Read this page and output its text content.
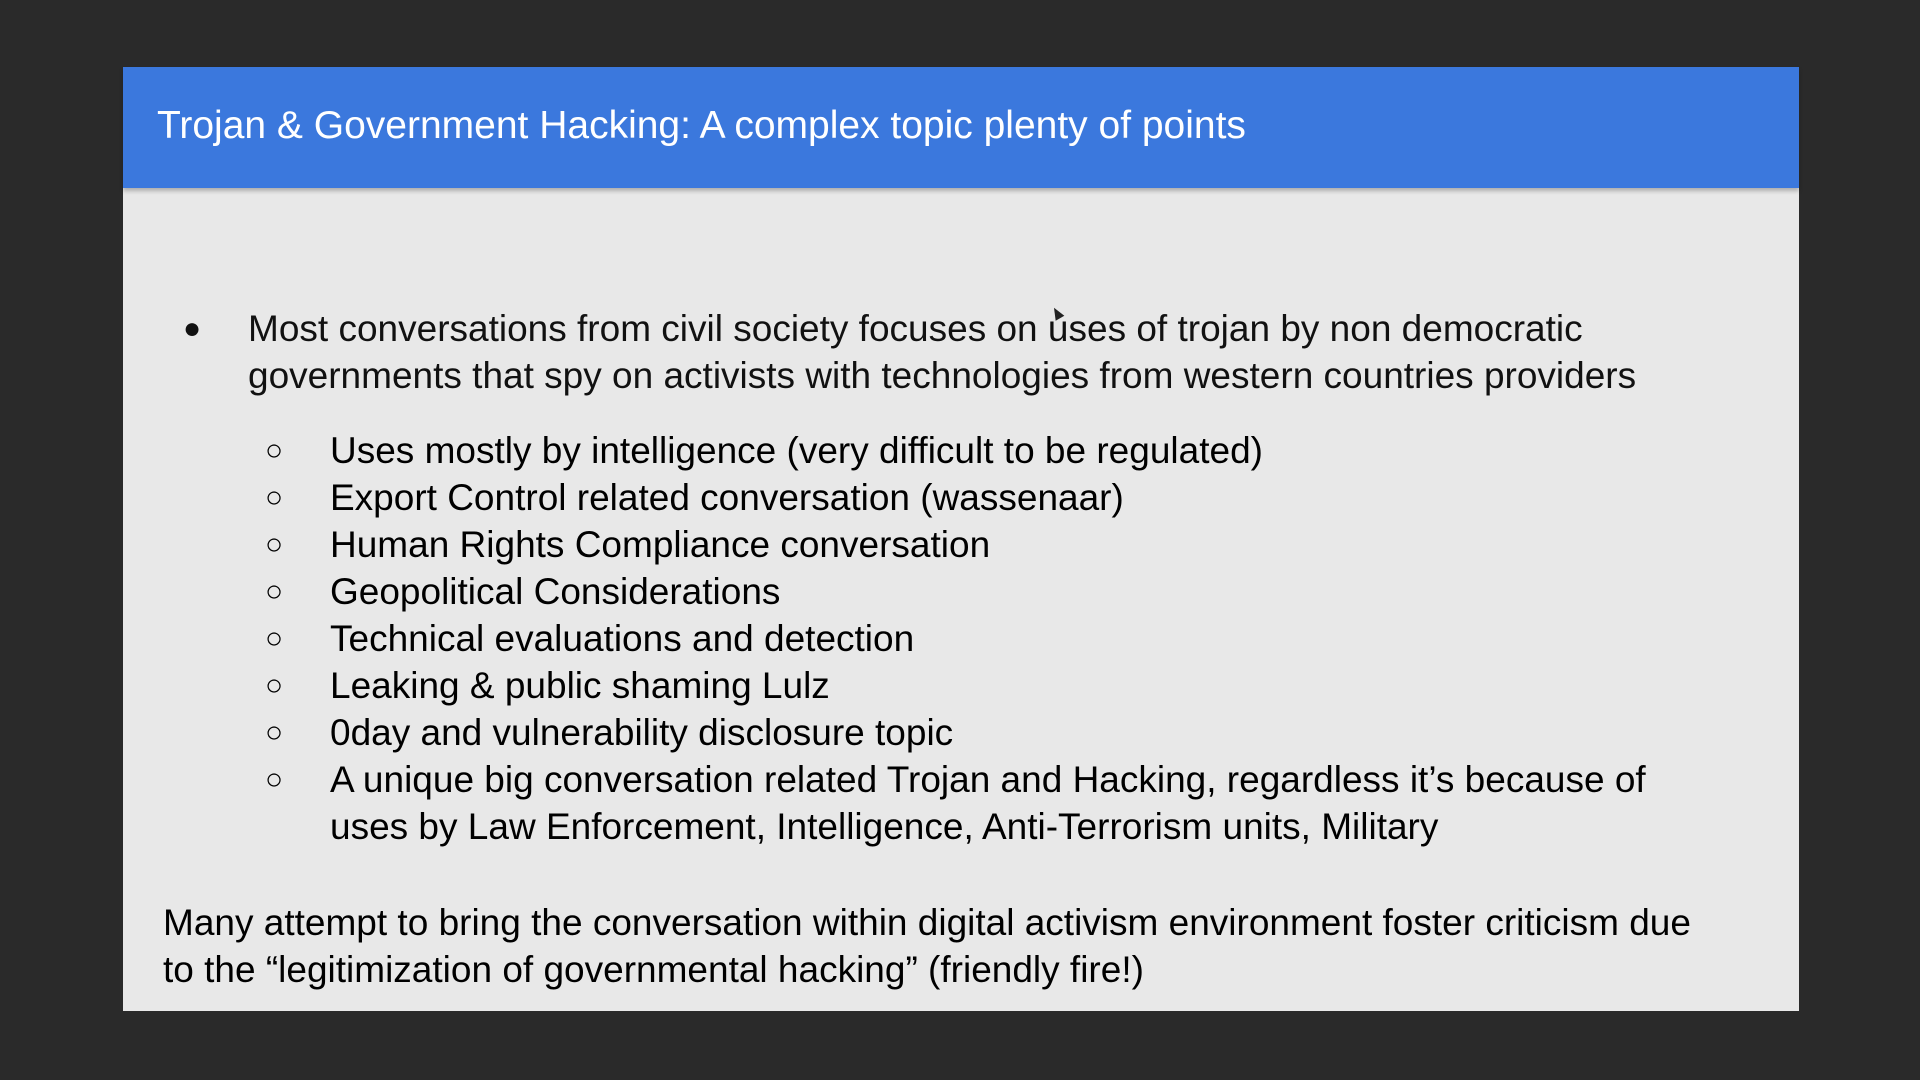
Trojan & Government Hacking: A complex topic plenty of points
● Most conversations from civil society focuses on uses of trojan by non democratic governments that spy on activists with technologies from western countries providers
○ Uses mostly by intelligence (very difficult to be regulated)
○ Export Control related conversation (wassenaar)
○ Human Rights Compliance conversation
○ Geopolitical Considerations
○ Technical evaluations and detection
○ Leaking & public shaming Lulz
○ 0day and vulnerability disclosure topic
○ A unique big conversation related Trojan and Hacking, regardless it’s because of uses by Law Enforcement, Intelligence, Anti-Terrorism units, Military

Many attempt to bring the conversation within digital activism environment foster criticism due to the “legitimization of governmental hacking” (friendly fire!)
